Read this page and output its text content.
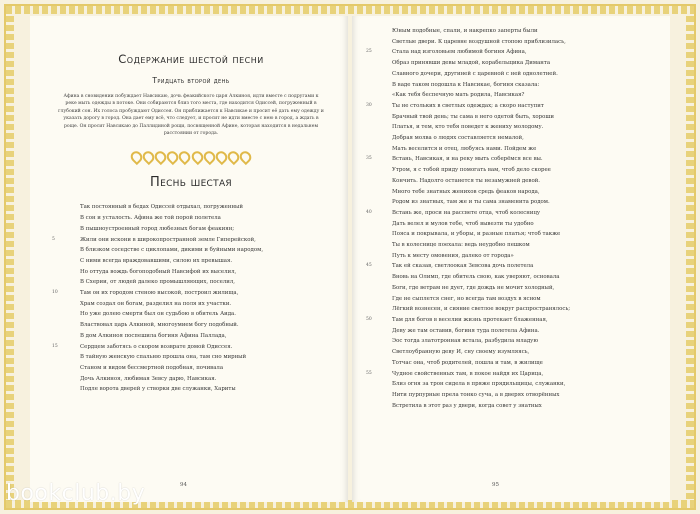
Содержание шестой песни
Тридцать второй день
Афина в сновидении побуждает Навсикаю, дочь феакийского царя Алкиноя, идти вместе с подругами к реке мыть одежды в потоке. Они собираются близ того места, где находится Одиссей, погруженный в глубокий сон. Их голоса пробуждают Одиссея. Он приближается к Навсикае и просит её дать ему одежду и указать дорогу в город. Она дает ему всё, что следует, и просит не идти вместе с нею в город, а ждать в роще. Он просит Навсикаю до Паллидиной рощи, посвященной Афине, которая находится в недальнем расстоянии от города.
Песнь шестая
Так постоянный в бедах Одиссей отдыхал, погруженный
В сон и усталость. Афина же той порой полетела
В пышноустроенный город любезных богам феакиян;
Жили они искони в широкопространной земле Гиперейской,
5
В близком соседстве с циклопами, дикими и буйными народом,
С ними всегда враждовавшими, силою их превышая.
Но оттуда вождь богоподобный Навсифой их выселил,
В Схерии, от людей далеко промышляющих, поселил,
Там он их городом стеною высокой, построил жилища,
10
Храм создал он богам, разделил на поля их участки.
Но уже долею смерти был он судьбою в обитель Аида.
Властвовал царь Алкиной, многоумием богу подобный.
В дом Алкиноя поспешила богиня Афина Паллада,
Сердцем заботясь о скором возврате домой Одиссея.
15
В тайную женскую спальню прошла она, там сно мирный
Станом и видом бессмертной подобная, почивала
Дочь Алкиноя, любимая Зевсу дарю, Навсикая.
Подле ворота дверей у створки две служанки, Хариты
94
Юным подобные, спали, и накрепко заперты были
Светлые двери. К царевне воздушной стопою приблизилась,
Стала над изголовьем любимой богиня Афина,
25
Образ принявши девы младой, корабельщика Диманта
Славного дочери, другиней с царевной с ней однолетней.
В ваде таком подошла к Навсикае, богиня сказала:
«Как тебя беспечную мать родила, Навсикая?
Ты не стольких в светлых одеждах; а скоро наступит
30
Брачный твой день; ты сама в него одетой быть, хороши
Платья, и тем, кто тебя поведет к жениху молодому.
Добрая молва о людях составляется немалой,
Мать веселится и отец, любуясь нами. Пойдем же
Встань, Навсикая, и на реку мыть соберёмся все вы.
35
Утром, я с тобой приду помогать вам, чтоб дело скорее
Кончить. Надолго останется ты незамужней девой.
Много тебе знатных женихов средь феаков народа,
Родом из знатных, там же и ты сама знаменита родом.
Встань же, проси на рассвете отца, чтоб колесницу
40
Дать велел и мулов тебе, чтоб вывезти ты удобно
Пояса и покрывала, и уборы, и разные платья; чтоб также
Ты в колеснице поехала: ведь неудобно пешком
Путь к месту омовения, далеко от города»
Так ей сказав, светлоокая Зевсова дочь полетела
45
Вновь на Олимп, где обитель свою, как уверяют, основала
Боги, где ветрам не дует, где дождь не мочит холодный,
Где не сыплется снег, но всегда там воздух в ясном
Лёгкий вознесен, и сияние светлое вокруг распространялось;
Там для богов в веселии жизнь протекает блаженная,
50
Деву же там оставив, богиня туда полетела Афина.
Эос тогда златотронная встала, разбудила младую
Светлоубранную деву И, сну своему изумляясь,
Тотчас она, чтоб родителей, пошла и там, в жилище
Чудное свойственных там, в покое найдя их Царица,
55
Близ огня за трон сидела в пряже прядильщицы, служанки,
Нити пурпурные прела тонко суча, а в дверях отворённых
Встретила в этот раз у двери, когда совет у знатных
95
bookclub.by
